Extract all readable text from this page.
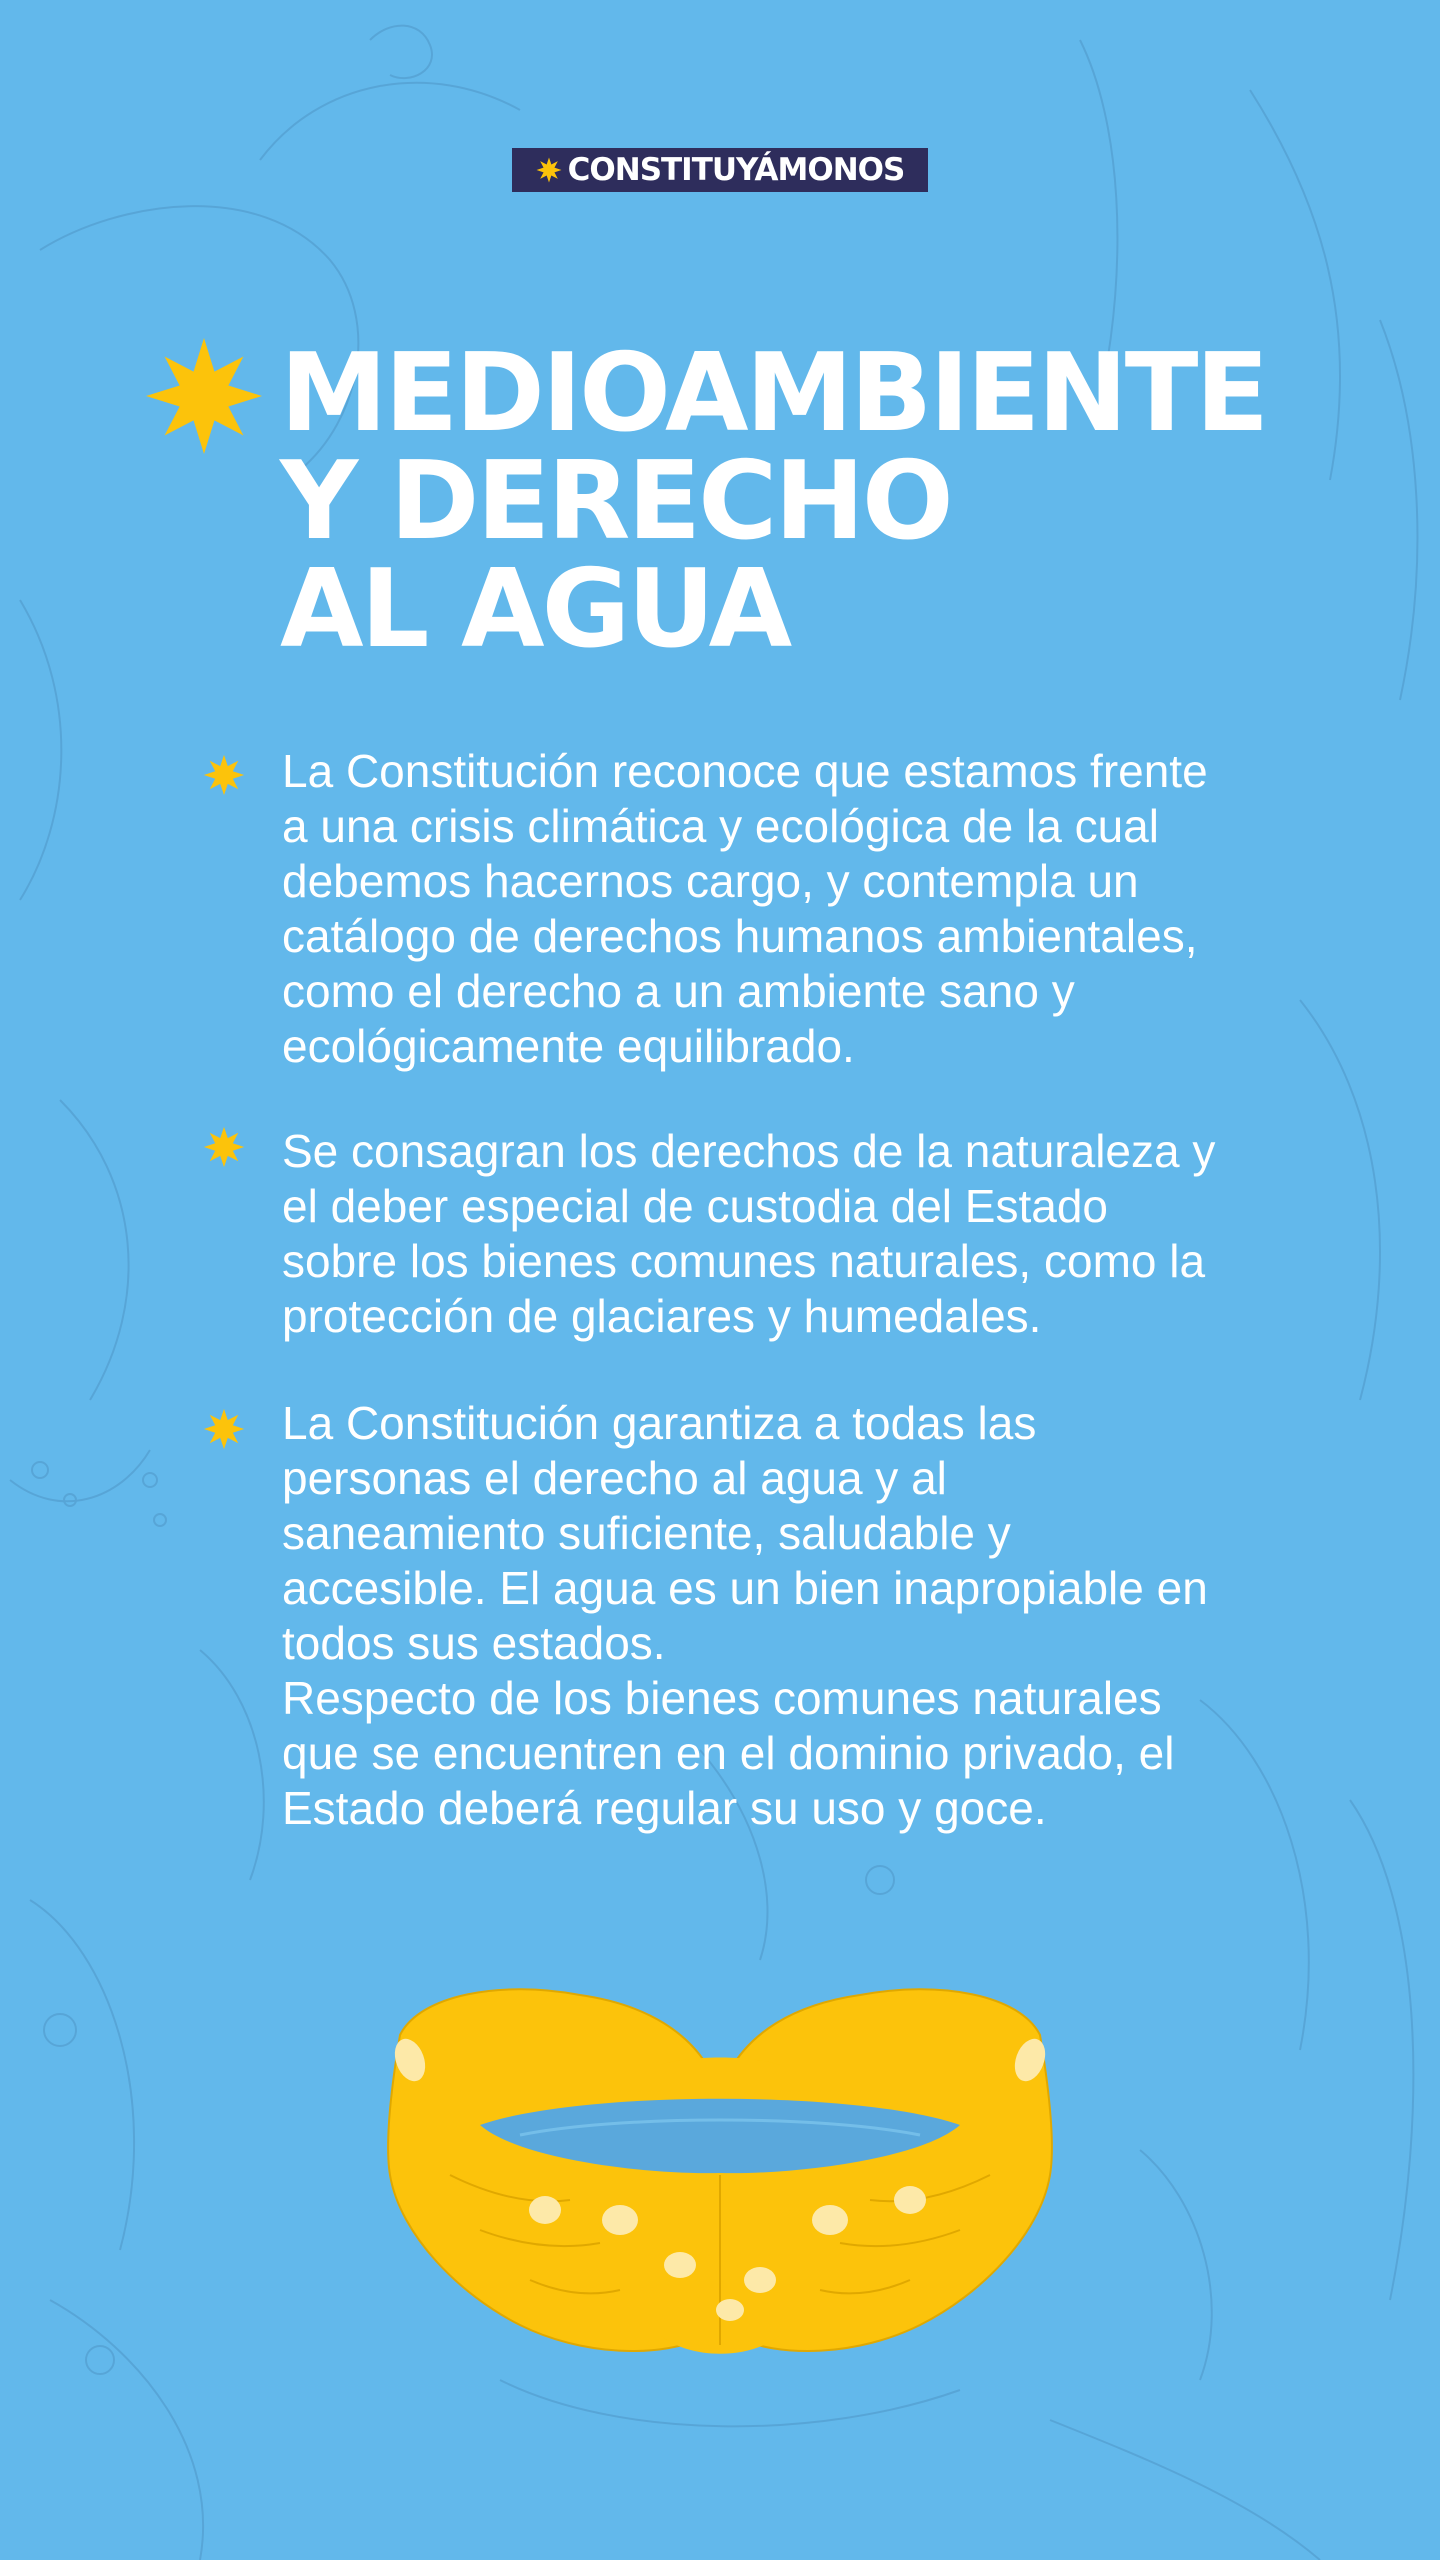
CONSTITUYÁMONOS
MEDIOAMBIENTE
Y DERECHO
AL AGUA
La Constitución reconoce que estamos frente
a una crisis climática y ecológica de la cual
debemos hacernos cargo, y contempla un
catálogo de derechos humanos ambientales,
como el derecho a un ambiente sano y
ecológicamente equilibrado.
Se consagran los derechos de la naturaleza y
el deber especial de custodia del Estado
sobre los bienes comunes naturales, como la
protección de glaciares y humedales.
La Constitución garantiza a todas las
personas el derecho al agua y al
saneamiento suficiente, saludable y
accesible. El agua es un bien inapropiable en
todos sus estados.
Respecto de los bienes comunes naturales
que se encuentren en el dominio privado, el
Estado deberá regular su uso y goce.
